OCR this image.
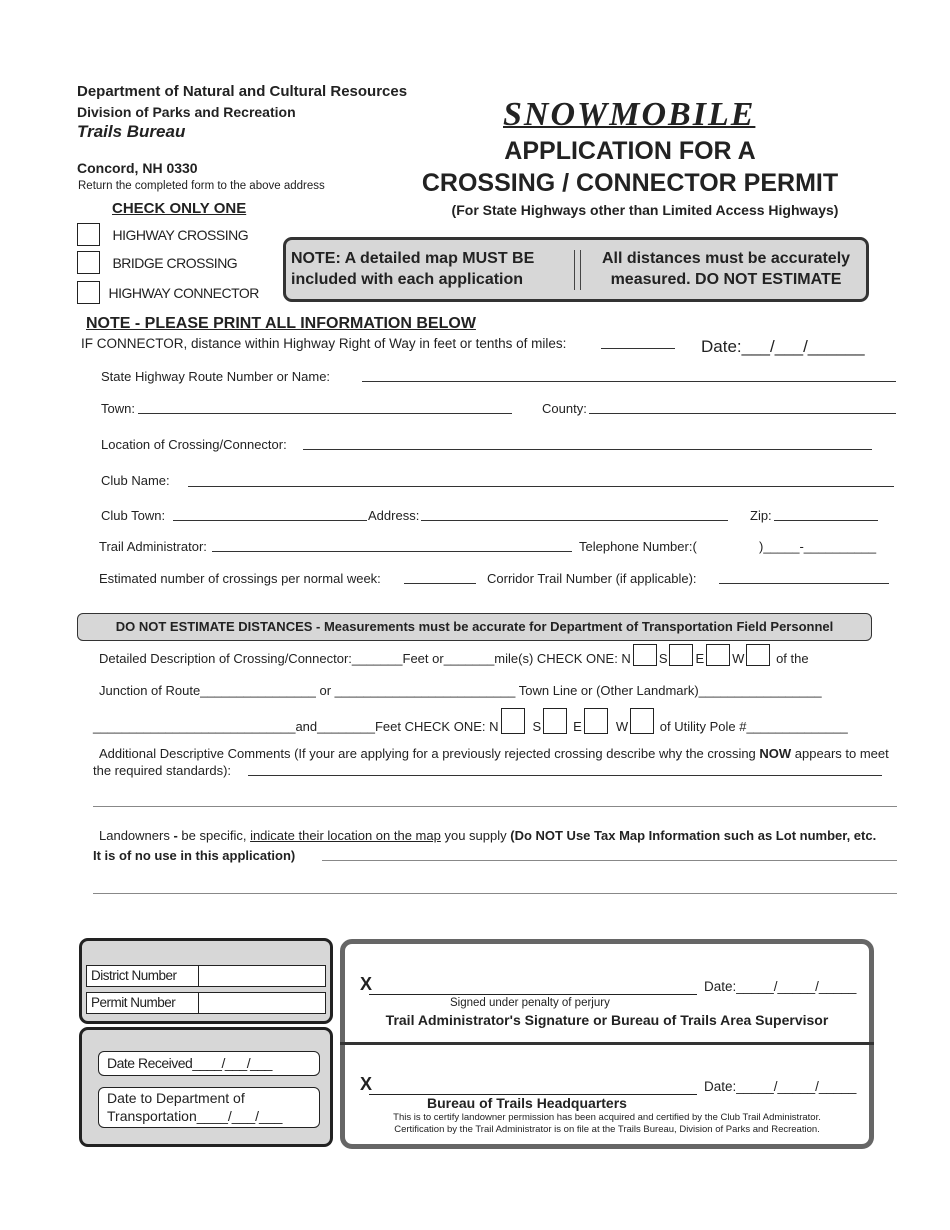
Department of Natural and Cultural Resources
Division of Parks and Recreation
Trails Bureau
Concord, NH 0330
Return the completed form to the above address
SNOWMOBILE
APPLICATION FOR A
CROSSING / CONNECTOR PERMIT
(For State Highways other than Limited Access Highways)
CHECK ONLY ONE
HIGHWAY CROSSING
BRIDGE CROSSING
HIGHWAY CONNECTOR
NOTE: A detailed map MUST BE included with each application
All distances must be accurately measured. DO NOT ESTIMATE
NOTE - PLEASE PRINT ALL INFORMATION BELOW
IF CONNECTOR, distance within Highway Right of Way in feet or tenths of miles:	Date:___/___/______
State Highway Route Number or Name:
Town:	County:
Location of Crossing/Connector:
Club Name:
Club Town:	Address:	Zip:
Trail Administrator:	Telephone Number:(	)_____-__________
Estimated number of crossings per normal week:	Corridor Trail Number (if applicable):
DO NOT ESTIMATE DISTANCES - Measurements must be accurate for Department of Transportation Field Personnel
Detailed Description of Crossing/Connector:_______Feet or_______mile(s) CHECK ONE: N S E W of the
Junction of Route________________ or _________________________ Town Line or (Other Landmark)_________________
____________________________and________Feet CHECK ONE: N	S E	W of Utility Pole #______________
Additional Descriptive Comments (If your are applying for a previously rejected crossing describe why the crossing NOW appears to meet
the required standards):
Landowners - be specific, indicate their location on the map you supply (Do NOT Use Tax Map Information such as Lot number, etc.
It is of no use in this application)
District Number
Permit Number
Date Received____/___/___
Date to Department of
Transportation____/___/___
X	Date:_____/_____/_____
Signed under penalty of perjury
Trail Administrator's Signature or Bureau of Trails Area Supervisor
X	Date:_____/_____/_____
Bureau of Trails Headquarters
This is to certify landowner permission has been acquired and certified by the Club Trail Administrator.
Certification by the Trail Administrator is on file at the Trails Bureau, Division of Parks and Recreation.
